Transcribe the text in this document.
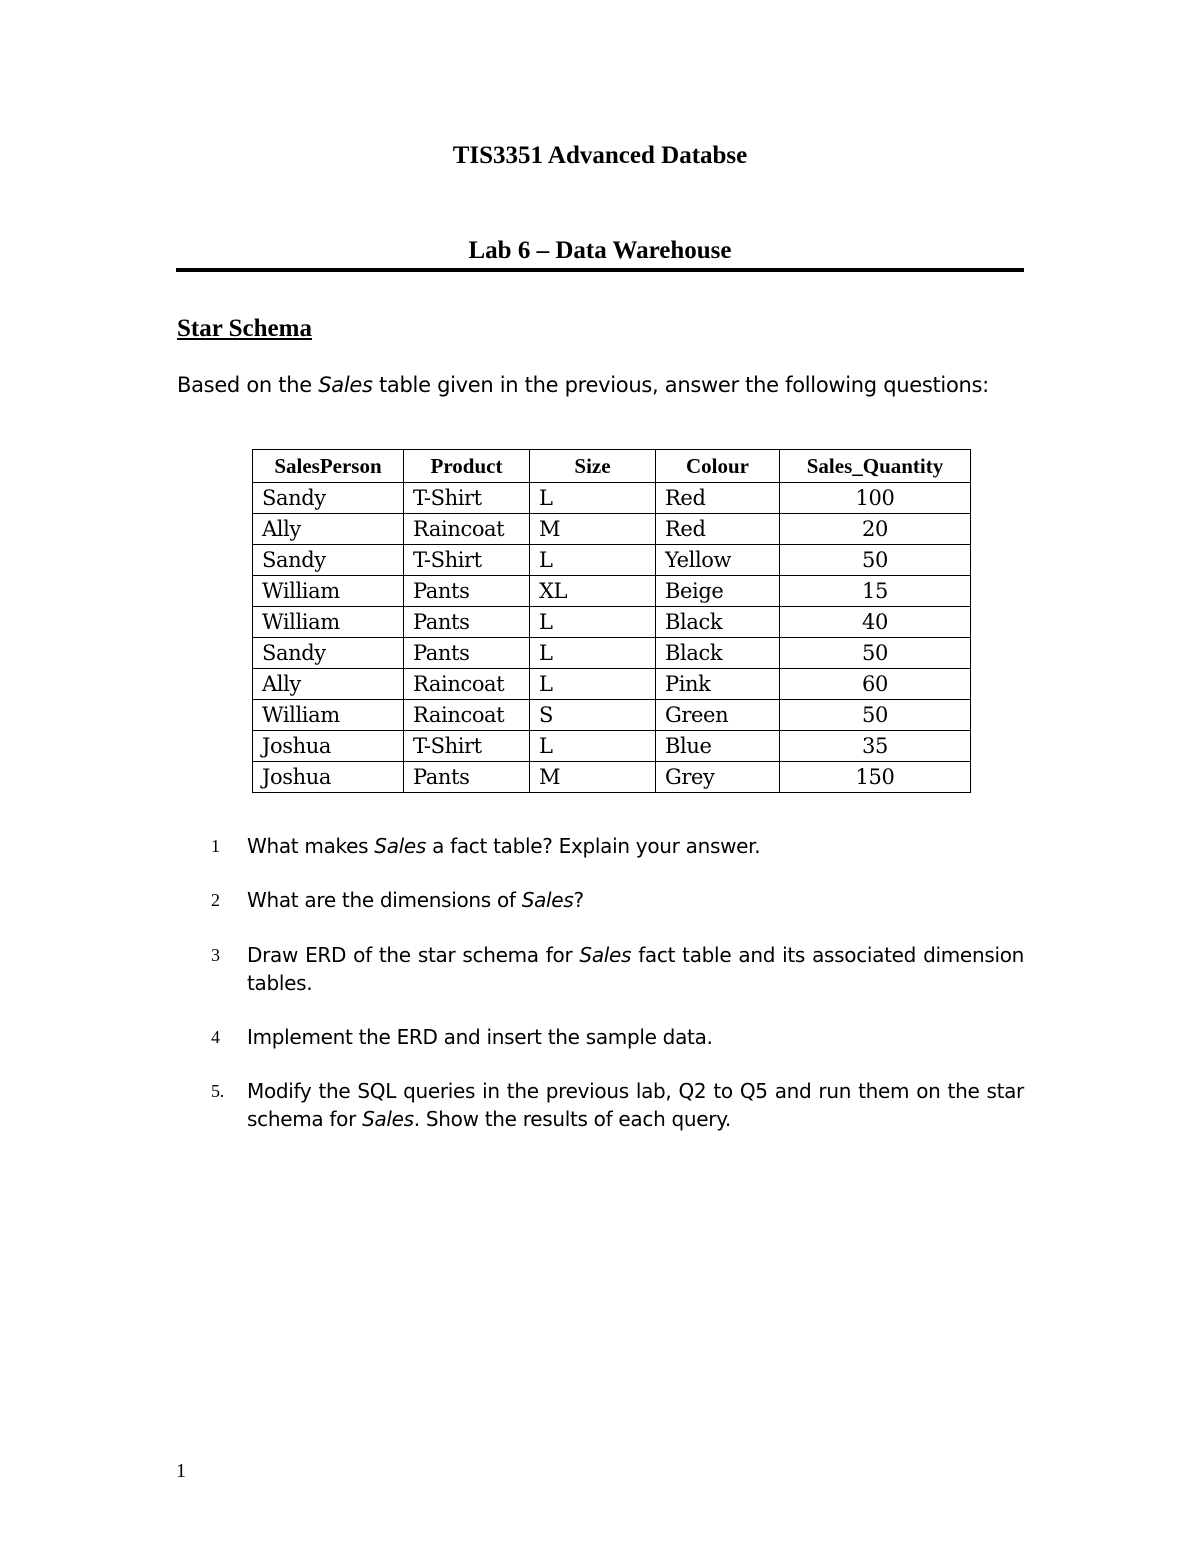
TIS3351 Advanced Databse
Lab 6 – Data Warehouse
Star Schema

Based on the Sales table given in the previous, answer the following questions:

SalesPerson	Product	Size	Colour	Sales_Quantity
Sandy	T-Shirt	L	Red	100
Ally	Raincoat	M	Red	20
Sandy	T-Shirt	L	Yellow	50
William	Pants	XL	Beige	15
William	Pants	L	Black	40
Sandy	Pants	L	Black	50
Ally	Raincoat	L	Pink	60
William	Raincoat	S	Green	50
Joshua	T-Shirt	L	Blue	35
Joshua	Pants	M	Grey	150
1 What makes Sales a fact table? Explain your answer.
2 What are the dimensions of Sales?
3 Draw ERD of the star schema for Sales fact table and its associated dimension tables.
4 Implement the ERD and insert the sample data.
5. Modify the SQL queries in the previous lab, Q2 to Q5 and run them on the star schema for Sales. Show the results of each query.
1
